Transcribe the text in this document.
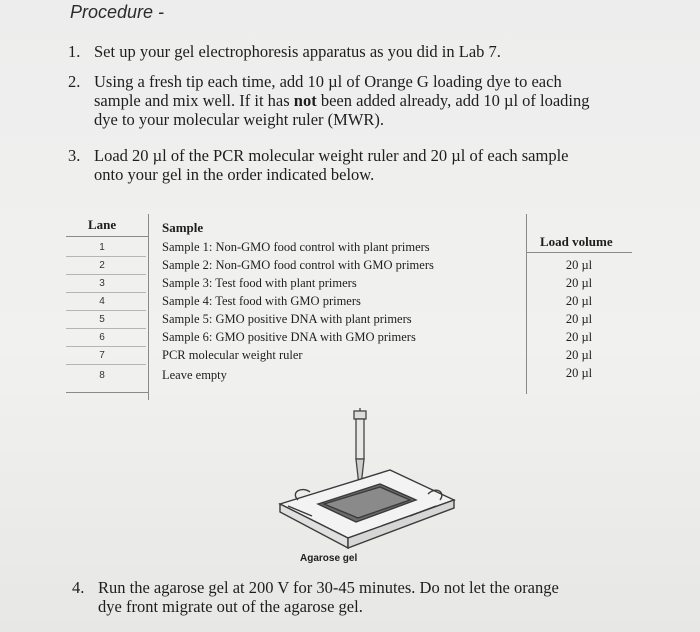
Procedure -
1. Set up your gel electrophoresis apparatus as you did in Lab 7.
2. Using a fresh tip each time, add 10 µl of Orange G loading dye to each
sample and mix well. If it has not been added already, add 10 µl of loading
dye to your molecular weight ruler (MWR).
3. Load 20 µl of the PCR molecular weight ruler and 20 µl of each sample
onto your gel in the order indicated below.
Lane	Sample
Load volume
1
2
3
4
5
6
7
8
Sample 1: Non-GMO food control with plant primers
Sample 2: Non-GMO food control with GMO primers
Sample 3: Test food with plant primers
Sample 4: Test food with GMO primers
Sample 5: GMO positive DNA with plant primers
Sample 6: GMO positive DNA with GMO primers
PCR molecular weight ruler
Leave empty
20 µl
20 µl
20 µl
20 µl
20 µl
20 µl
20 µl
Agarose gel
4. Run the agarose gel at 200 V for 30-45 minutes. Do not let the orange
dye front migrate out of the agarose gel.
